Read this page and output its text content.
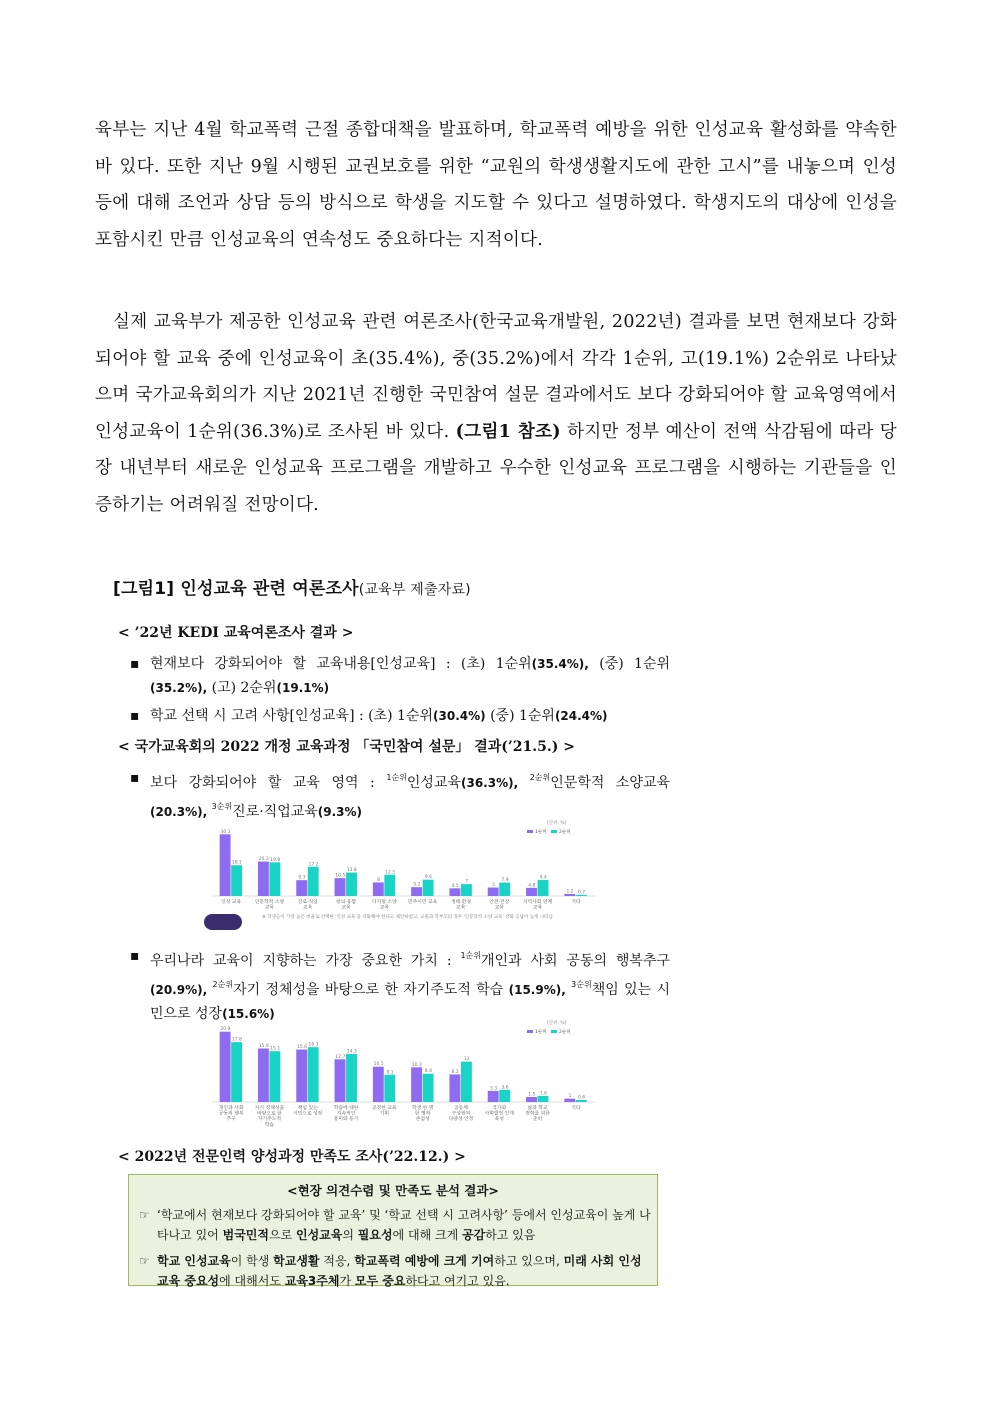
육부는 지난 4월 학교폭력 근절 종합대책을 발표하며, 학교폭력 예방을 위한 인성교육 활성화를 약속한 바 있다. 또한 지난 9월 시행된 교권보호를 위한 “교원의 학생생활지도에 관한 고시”를 내놓으며 인성 등에 대해 조언과 상담 등의 방식으로 학생을 지도할 수 있다고 설명하였다. 학생지도의 대상에 인성을 포함시킨 만큼 인성교육의 연속성도 중요하다는 지적이다.
실제 교육부가 제공한 인성교육 관련 여론조사(한국교육개발원, 2022년) 결과를 보면 현재보다 강화되어야 할 교육 중에 인성교육이 초(35.4%), 중(35.2%)에서 각각 1순위, 고(19.1%) 2순위로 나타났으며 국가교육회의가 지난 2021년 진행한 국민참여 설문 결과에서도 보다 강화되어야 할 교육영역에서 인성교육이 1순위(36.3%)로 조사된 바 있다. (그림1 참조) 하지만 정부 예산이 전액 삭감됨에 따라 당장 내년부터 새로운 인성교육 프로그램을 개발하고 우수한 인성교육 프로그램을 시행하는 기관들을 인증하기는 어려워질 전망이다.
[그림1] 인성교육 관련 여론조사(교육부 제출자료)
< ’22년 KEDI 교육여론조사 결과 >
▪ 현재보다 강화되어야 할 교육내용[인성교육] : (초) 1순위(35.4%), (중) 1순위(35.2%), (고) 2순위(19.1%)
▪ 학교 선택 시 고려 사항[인성교육] : (초) 1순위(30.4%) (중) 1순위(24.4%)
< 국가교육회의 2022 개정 교육과정 「국민참여 설문」 결과(’21.5.) >
▪ 보다 강화되어야 할 교육 영역 : $^{1순위}$인성교육(36.3%), $^{2순위}$인문학적 소양교육(20.3%), $^{3순위}$진로·직업교육(9.3%)
[단위: %]
1순위	2순위
36.3
18.1
인성 교육
20.3 19.8
인문학적 소양 교육
9.3
17.2
진로·직업 교육
10.5
13.8
창의·융합 교육
8
12.5
디지털 소양 교육
5.2
9.6
민주시민 교육
4.5
7
생태·환경 교육
5
7.9
안전·건강 교육
4.8
9.4
지역사회 연계 교육
1.2 0.7
기타
※ 학생들이 가장 높은 비율로 선택한 '인성 교육'을 강화해야 한다고 제안하였고, 교원과 학부모의 경우 '인문학적 소양 교육' 강화 응답이 높게 나타남
▪ 우리나라 교육이 지향하는 가장 중요한 가치 : $^{1순위}$개인과 사회 공동의 행복추구(20.9%), $^{2순위}$자기 정체성을 바탕으로 한 자기주도적 학습 (15.9%), $^{3순위}$책임 있는 시민으로 성장(15.6%)
[단위: %]
1순위	2순위
20.9
17.8
개인과 사회 공동의 행복 추구
15.9
15.1
자기 정체성을 바탕으로 한 자기주도적 학습
15.6 16.3
책임 있는 시민으로 성장
12.7
14.3
학습에 대한 지속적인 흥미와 동기
10.5
8.1
공정한 교육 기회
10.3
8.4
학생 한 명 한 명의 존엄성
8.2
12
공동체 구성원의 다양성 인정
3.3 3.6
국가와 사회발전 인재 육성
1.5 1.8
삶과 학교 전학을 위한 준비
1 0.6
기타
< 2022년 전문인력 양성과정 만족도 조사(’22.12.) >
<현장 의견수렴 및 만족도 분석 결과>
☞ ‘학교에서 현재보다 강화되어야 할 교육’ 및 ‘학교 선택 시 고려사항’ 등에서 인성교육이 높게 나타나고 있어 범국민적으로 인성교육의 필요성에 대해 크게 공감하고 있음
☞ 학교 인성교육이 학생 학교생활 적응, 학교폭력 예방에 크게 기여하고 있으며, 미래 사회 인성교육 중요성에 대해서도 교육3주체가 모두 중요하다고 여기고 있음.
